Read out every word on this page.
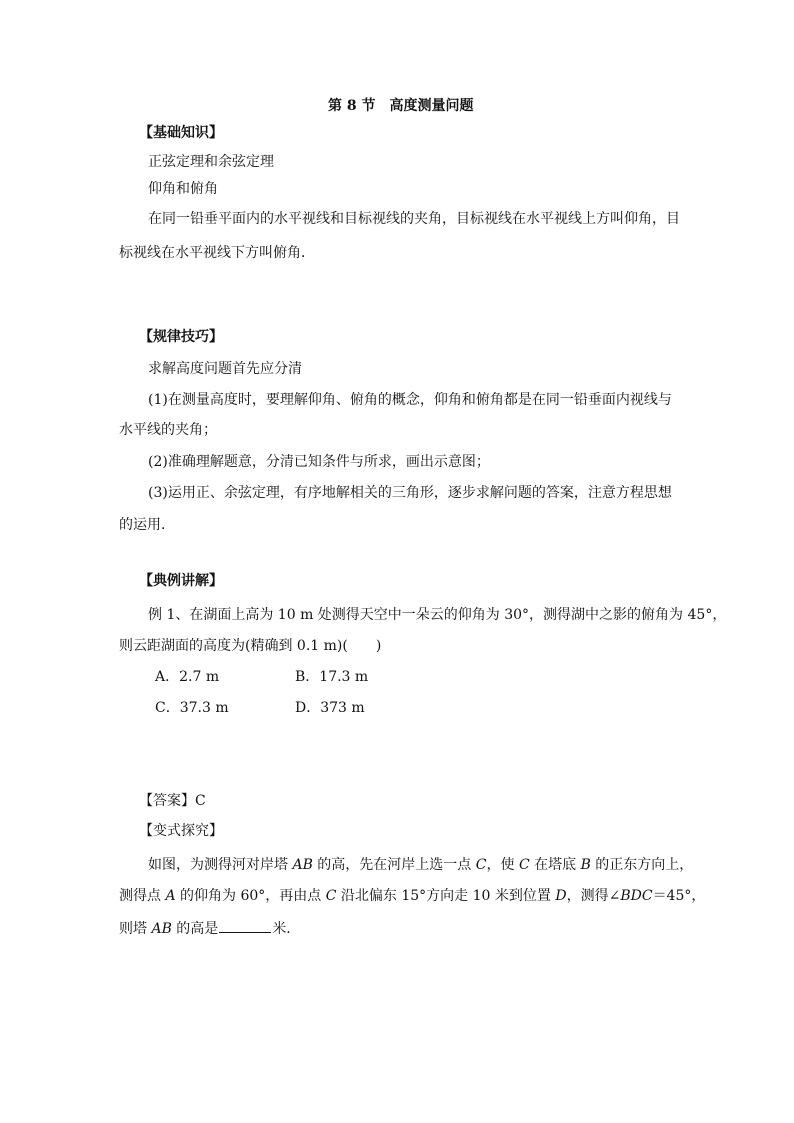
第 8 节　高度测量问题
【基础知识】
正弦定理和余弦定理
仰角和俯角
在同一铅垂平面内的水平视线和目标视线的夹角，目标视线在水平视线上方叫仰角，目
标视线在水平视线下方叫俯角．
【规律技巧】
求解高度问题首先应分清
(1)在测量高度时，要理解仰角、俯角的概念，仰角和俯角都是在同一铅垂面内视线与
水平线的夹角；
(2)准确理解题意，分清已知条件与所求，画出示意图；
(3)运用正、余弦定理，有序地解相关的三角形，逐步求解问题的答案，注意方程思想
的运用．
【典例讲解】
例 1、在湖面上高为 10 m 处测得天空中一朵云的仰角为 30°，测得湖中之影的俯角为 45°，
则云距湖面的高度为(精确到 0.1 m)(　　)
A．2.7 m	B．17.3 m
C．37.3 m	D．373 m
【答案】C
【变式探究】
如图，为测得河对岸塔 AB 的高，先在河岸上选一点 C，使 C 在塔底 B 的正东方向上，
测得点 A 的仰角为 60°，再由点 C 沿北偏东 15°方向走 10 米到位置 D，测得∠BDC＝45°，
则塔 AB 的高是	米．
